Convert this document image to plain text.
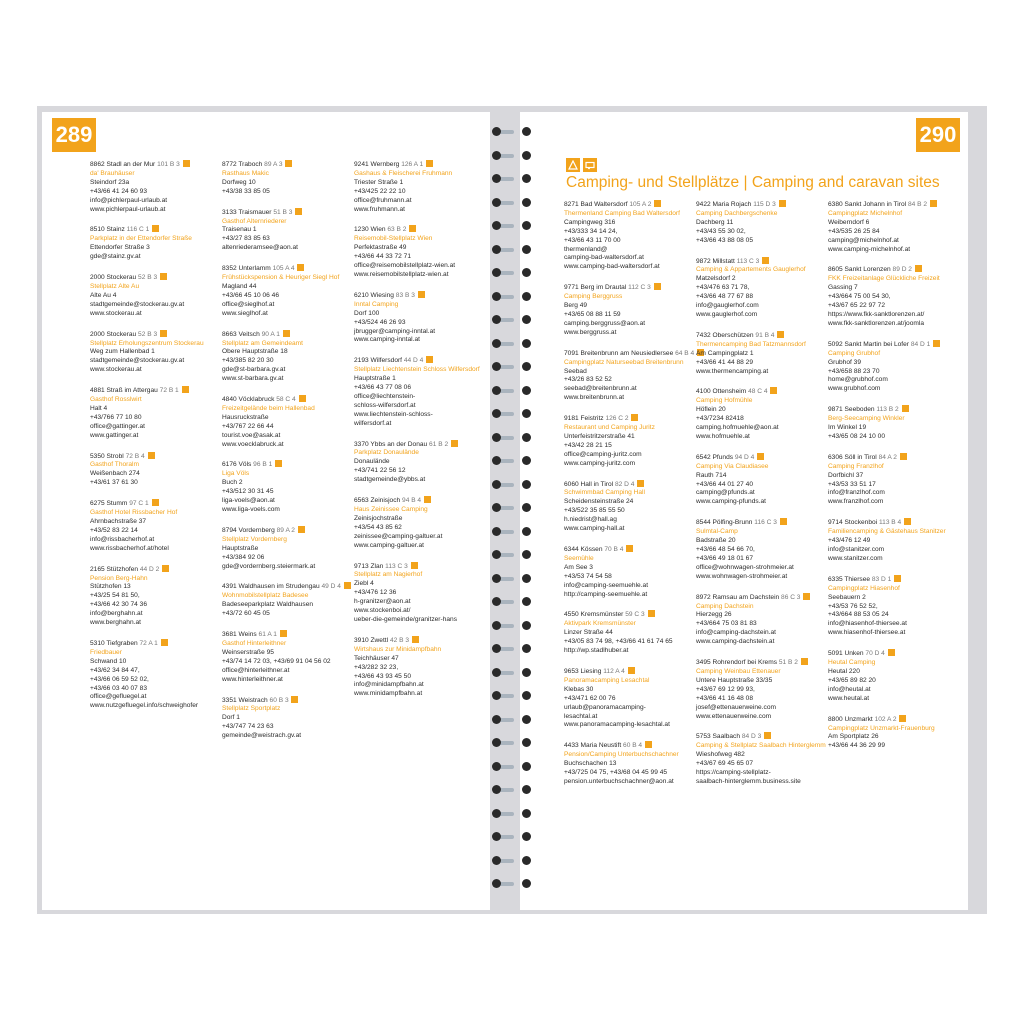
289
8862 Stadl an der Mur 101 B 3
da' Brauhäuser
Steindorf 23a
+43/66 41 24 60 93
info@pichlerpaul-urlaub.at
www.pichlerpaul-urlaub.at
8510 Stainz 116 C 1
Parkplatz in der Ettendorfer Straße
Ettendorfer Straße 3
gde@stainz.gv.at
2000 Stockerau 52 B 3
Stellplatz Alte Au
Alte Au 4
stadtgemeinde@stockerau.gv.at
www.stockerau.at
2000 Stockerau 52 B 3
Stellplatz Erholungszentrum Stockerau
Weg zum Hallenbad 1
stadtgemeinde@stockerau.gv.at
www.stockerau.at
4881 Straß im Attergau 72 B 1
Gasthof Rosslwirt
Halt 4
+43/766 77 10 80
office@gattinger.at
www.gattinger.at
5350 Strobl 72 B 4
Gasthof Thoralm
Weißenbach 274
+43/61 37 61 30
6275 Stumm 97 C 1
Gasthof Hotel Rissbacher Hof
Ahrnbachstraße 37
+43/52 83 22 14
info@rissbacherhof.at
www.rissbacherhof.at/hotel
2165 Stützhofen 44 D 2
Pension Berg-Hahn
Stützhofen 13
+43/25 54 81 50,
+43/66 42 30 74 36
info@berghahn.at
www.berghahn.at
5310 Tiefgraben 72 A 1
Friedbauer
Schwand 10
+43/62 34 84 47,
+43/66 06 59 52 02,
+43/66 03 40 07 83
office@gefluegel.at
www.nutzgefluegel.info/schweighofer
8772 Traboch 89 A 3
Rasthaus Makic
Dorfweg 10
+43/38 33 85 05
3133 Traismauer 51 B 3
Gasthof Alternriederer
Traisenau 1
+43/27 83 85 63
altenriederamsee@aon.at
8352 Unterlamm 105 A 4
Frühstückspension & Heuriger Siegl Hof
Magland 44
+43/66 45 10 06 46
office@sieglhof.at
www.sieglhof.at
8663 Veitsch 90 A 1
Stellplatz am Gemeindeamt
Obere Hauptstraße 18
+43/385 82 20 30
gde@st-barbara.gv.at
www.st-barbara.gv.at
4840 Vöcklabruck 58 C 4
Freizeitgelände beim Hallenbad
Hausruckstraße
+43/767 22 66 44
tourist.voe@asak.at
www.voecklabruck.at
6176 Völs 96 B 1
Liga Völs
Buch 2
+43/512 30 31 45
liga-voels@aon.at
www.liga-voels.com
8794 Vordernberg 89 A 2
Stellplatz Vordernberg
Hauptstraße
+43/384 92 06
gde@vordernberg.steiermark.at
4391 Waldhausen im Strudengau 49 D 4
Wohnmobilstellplatz Badesee
Badeseeparkplatz Waldhausen
+43/72 60 45 05
3681 Weins 61 A 1
Gasthof Hinterleithner
Weinserstraße 95
+43/74 14 72 03, +43/69 91 04 56 02
office@hinterleithner.at
www.hinterleithner.at
3351 Weistrach 60 B 3
Stellplatz Sportplatz
Dorf 1
+43/747 74 23 63
gemeinde@weistrach.gv.at
9241 Wernberg 126 A 1
Gashaus & Fleischerei Fruhmann
Triester Straße 1
+43/425 22 22 10
office@fruhmann.at
www.fruhmann.at
1230 Wien 63 B 2
Reisemobil-Stellplatz Wien
Perfektastraße 49
+43/66 44 33 72 71
office@reisemobilstellplatz-wien.at
www.reisemobilstellplatz-wien.at
6210 Wiesing 83 B 3
Inntal Camping
Dorf 100
+43/524 46 26 93
jbrugger@camping-inntal.at
www.camping-inntal.at
2193 Wilfersdorf 44 D 4
Stellplatz Liechtenstein Schloss Wilfersdorf
Hauptstraße 1
+43/66 43 77 08 06
office@liechtenstein-
schloss-wilfersdorf.at
www.liechtenstein-schloss-
wilfersdorf.at
3370 Ybbs an der Donau 61 B 2
Parkplatz Donaulände
Donaulände
+43/741 22 56 12
stadtgemeinde@ybbs.at
6563 Zeinisjoch 94 B 4
Haus Zeinissee Camping
Zeinisjochstraße
+43/54 43 85 62
zeinissee@camping-galtuer.at
www.camping-galtuer.at
9713 Zlan 113 C 3
Stellplatz am Nagierhof
Ziebl 4
+43/476 12 36
h-granitzer@aon.at
www.stockenboi.at/
ueber-die-gemeinde/granitzer-hans
3910 Zwettl 42 B 3
Wirtshaus zur Minidampfbahn
Teichhäuser 47
+43/282 32 23,
+43/66 43 93 45 50
info@minidampfbahn.at
www.minidampfbahn.at
290
Camping- und Stellplätze | Camping and caravan sites
8271 Bad Waltersdorf 105 A 2
Thermenland Camping Bad Waltersdorf
Campingweg 316
+43/333 34 14 24,
+43/66 43 11 70 00
thermenland@
camping-bad-waltersdorf.at
www.camping-bad-waltersdorf.at
9771 Berg im Drautal 112 C 3
Camping Berggruss
Berg 49
+43/65 08 88 11 59
camping.berggruss@aon.at
www.berggruss.at
7091 Breitenbrunn am Neusiedlersee 64 B 4
Campingplatz Naturseebad Breitenbrunn
Seebad
+43/26 83 52 52
seebad@breitenbrunn.at
www.breitenbrunn.at
9181 Feistritz 126 C 2
Restaurant und Camping Juritz
Unterfeistritzerstraße 41
+43/42 28 21 15
office@camping-juritz.com
www.camping-juritz.com
6060 Hall in Tirol 82 D 4
Schwimmbad Camping Hall
Scheidensteinstraße 24
+43/522 35 85 55 50
h.niedrist@hall.ag
www.camping-hall.at
6344 Kössen 70 B 4
Seemühle
Am See 3
+43/53 74 54 58
info@camping-seemuehle.at
http://camping-seemuehle.at
4550 Kremsmünster 59 C 3
Aktivpark Kremsmünster
Linzer Straße 44
+43/05 83 74 98, +43/66 41 61 74 65
http://wp.stadlhuber.at
9653 Liesing 112 A 4
Panoramacamping Lesachtal
Klebas 30
+43/471 62 00 76
urlaub@panoramacamping-
lesachtal.at
www.panoramacamping-lesachtal.at
4433 Maria Neustift 60 B 4
Pension/Camping Unterbuchschachner
Buchschachen 13
+43/725 04 75, +43/68 04 45 99 45
pension.unterbuchschachner@aon.at
9422 Maria Rojach 115 D 3
Camping Dachbergschenke
Dachberg 11
+43/43 55 30 02,
+43/66 43 88 08 05
9872 Millstatt 113 C 3
Camping & Appartements Gauglerhof
Matzelsdorf 2
+43/476 63 71 78,
+43/66 48 77 67 88
info@gauglerhof.com
www.gauglerhof.com
7432 Oberschützen 91 B 4
Thermencamping Bad Tatzmannsdorf
Am Campingplatz 1
+43/66 41 44 88 29
www.thermencamping.at
4100 Ottensheim 48 C 4
Camping Hofmühle
Höflein 20
+43/7234 82418
camping.hofmuehle@aon.at
www.hofmuehle.at
6542 Pfunds 94 D 4
Camping Via Claudiasee
Rauth 714
+43/66 44 01 27 40
camping@pfunds.at
www.camping-pfunds.at
8544 Pölfing-Brunn 116 C 3
Sulmtal-Camp
Badstraße 20
+43/66 48 54 66 70,
+43/66 49 18 01 67
office@wohnwagen-strohmeier.at
www.wohnwagen-strohmeier.at
8972 Ramsau am Dachstein 86 C 3
Camping Dachstein
Hierzegg 26
+43/664 75 03 81 83
info@camping-dachstein.at
www.camping-dachstein.at
3495 Rohrendorf bei Krems 51 B 2
Camping Weinbau Ettenauer
Untere Hauptstraße 33/35
+43/67 69 12 99 93,
+43/66 41 16 48 08
josef@ettenauerweine.com
www.ettenauerweine.com
5753 Saalbach 84 D 3
Camping & Stellplatz Saalbach Hinterglemm
Wieshofweg 482
+43/67 69 45 65 07
https://camping-stellplatz-
saalbach-hinterglemm.business.site
6380 Sankt Johann in Tirol 84 B 2
Campingplatz Michelnhof
Weiberndorf 6
+43/535 26 25 84
camping@michelnhof.at
www.camping-michelnhof.at
8605 Sankt Lorenzen 89 D 2
FKK Freizeitanlage Glückliche Freizeit
Gassing 7
+43/664 75 00 54 30,
+43/67 65 22 97 72
https://www.fkk-sanktlorenzen.at/
www.fkk-sanktlorenzen.at/joomla
5092 Sankt Martin bei Lofer 84 D 1
Camping Grubhof
Grubhof 39
+43/658 88 23 70
home@grubhof.com
www.grubhof.com
9871 Seeboden 113 B 2
Berg-Seecamping Winkler
Im Winkel 19
+43/65 08 24 10 00
6306 Söll in Tirol 84 A 2
Camping Franzlhof
Dorfbichl 37
+43/53 33 51 17
info@franzlhof.com
www.franzlhof.com
9714 Stockenboi 113 B 4
Familiencamping & Gästehaus Stanitzer
+43/476 12 49
info@stanitzer.com
www.stanitzer.com
6335 Thiersee 83 D 1
Campingplatz Hiasenhof
Seebauern 2
+43/53 76 52 52,
+43/664 88 53 05 24
info@hiasenhof-thiersee.at
www.hiasenhof-thiersee.at
5091 Unken 70 D 4
Heutal Camping
Heutal 220
+43/65 89 82 20
info@heutal.at
www.heutal.at
8800 Unzmarkt 102 A 2
Campingplatz Unzmarkt-Frauenburg
Am Sportplatz 26
+43/66 44 36 29 99
